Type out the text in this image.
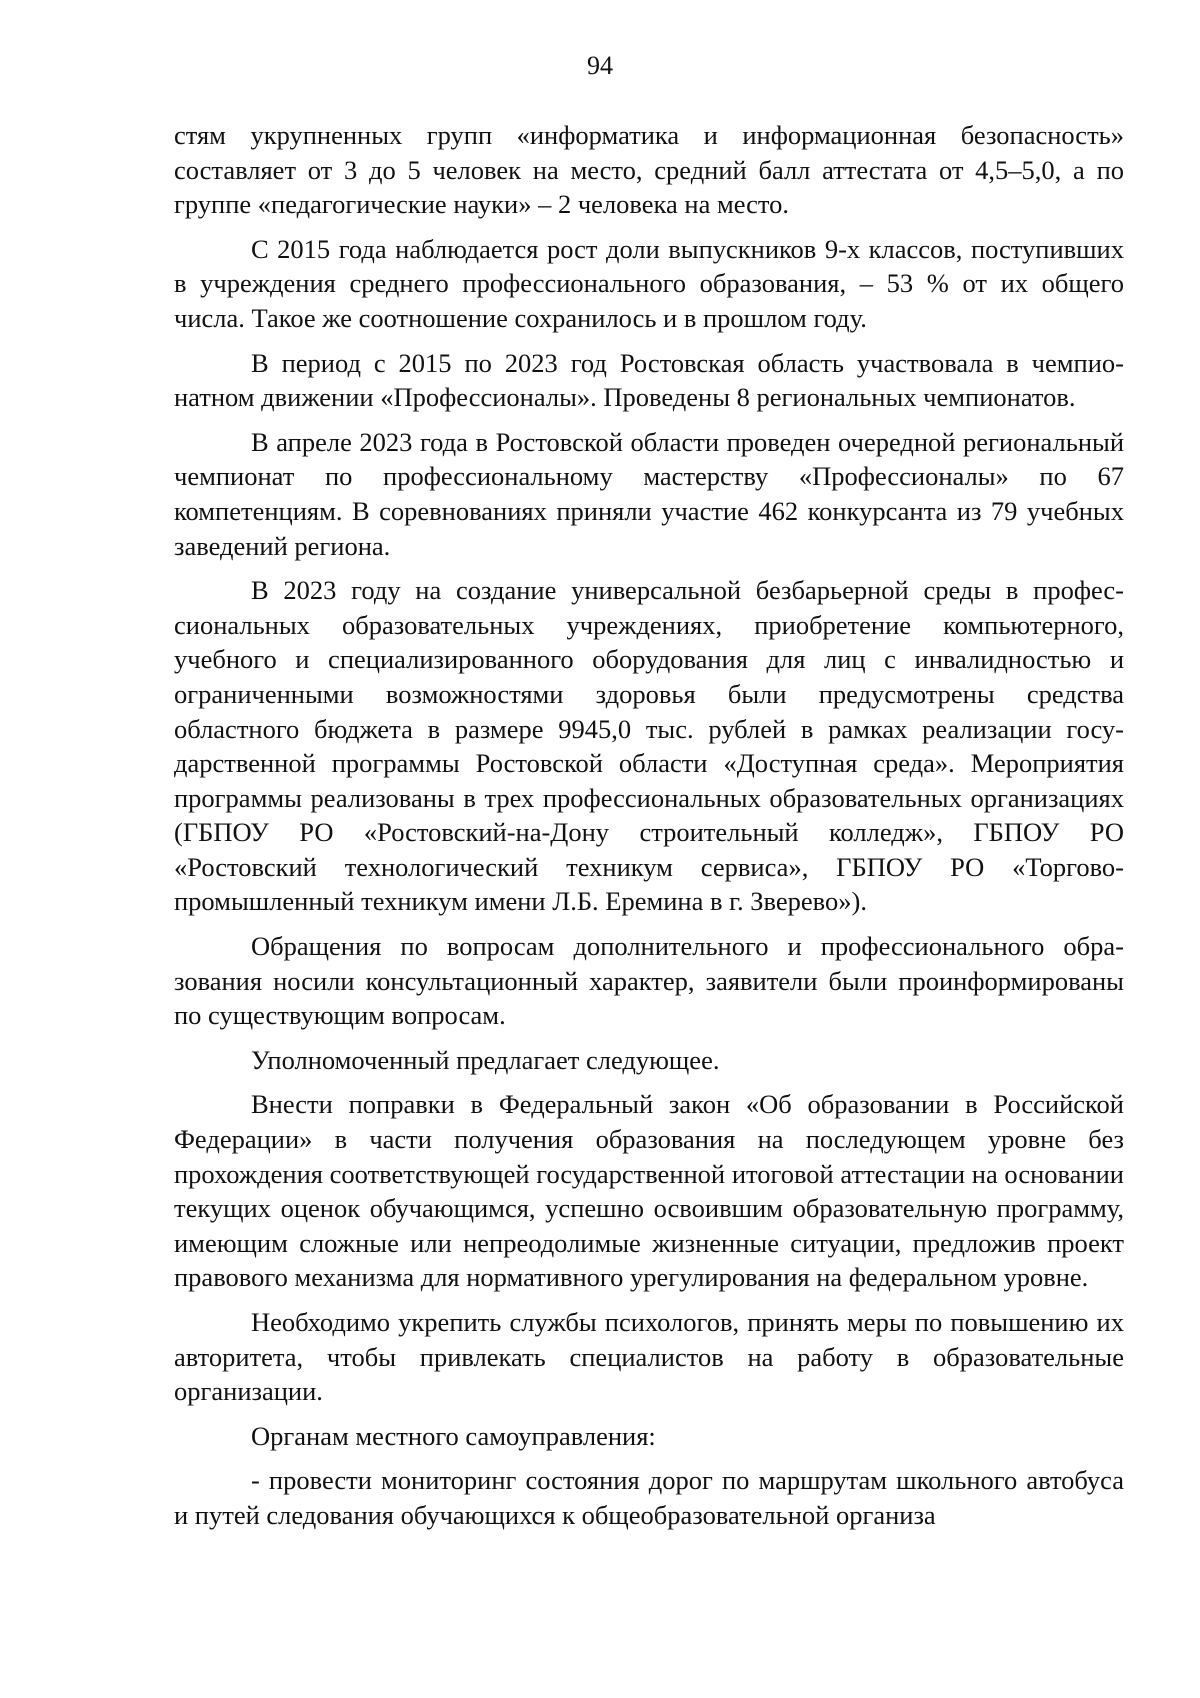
94

стям укрупненных групп «информатика и информационная безопасность» составляет от 3 до 5 человек на место, средний балл аттестата от 4,5–5,0, а по группе «педагогические науки» – 2 человека на место.

С 2015 года наблюдается рост доли выпускников 9-х классов, поступивших в учреждения среднего профессионального образования, – 53 % от их общего числа. Такое же соотношение сохранилось и в прошлом году.

В период с 2015 по 2023 год Ростовская область участвовала в чемпионатном движении «Профессионалы». Проведены 8 региональных чемпионатов.

В апреле 2023 года в Ростовской области проведен очередной региональный чемпионат по профессиональному мастерству «Профессионалы» по 67 компетенциям. В соревнованиях приняли участие 462 конкурсанта из 79 учебных заведений региона.

В 2023 году на создание универсальной безбарьерной среды в профессиональных образовательных учреждениях, приобретение компьютерного, учебного и специализированного оборудования для лиц с инвалидностью и ограниченными возможностями здоровья были предусмотрены средства областного бюджета в размере 9945,0 тыс. рублей в рамках реализации государственной программы Ростовской области «Доступная среда». Мероприятия программы реализованы в трех профессиональных образовательных организациях (ГБПОУ РО «Ростовский-на-Дону строительный колледж», ГБПОУ РО «Ростовский технологический техникум сервиса», ГБПОУ РО «Торгово-промышленный техникум имени Л.Б. Еремина в г. Зверево»).

Обращения по вопросам дополнительного и профессионального образования носили консультационный характер, заявители были проинформированы по существующим вопросам.

Уполномоченный предлагает следующее.

Внести поправки в Федеральный закон «Об образовании в Российской Федерации» в части получения образования на последующем уровне без прохождения соответствующей государственной итоговой аттестации на основании текущих оценок обучающимся, успешно освоившим образовательную программу, имеющим сложные или непреодолимые жизненные ситуации, предложив проект правового механизма для нормативного урегулирования на федеральном уровне.

Необходимо укрепить службы психологов, принять меры по повышению их авторитета, чтобы привлекать специалистов на работу в образовательные организации.

Органам местного самоуправления:

- провести мониторинг состояния дорог по маршрутам школьного автобуса и путей следования обучающихся к общеобразовательной организа
